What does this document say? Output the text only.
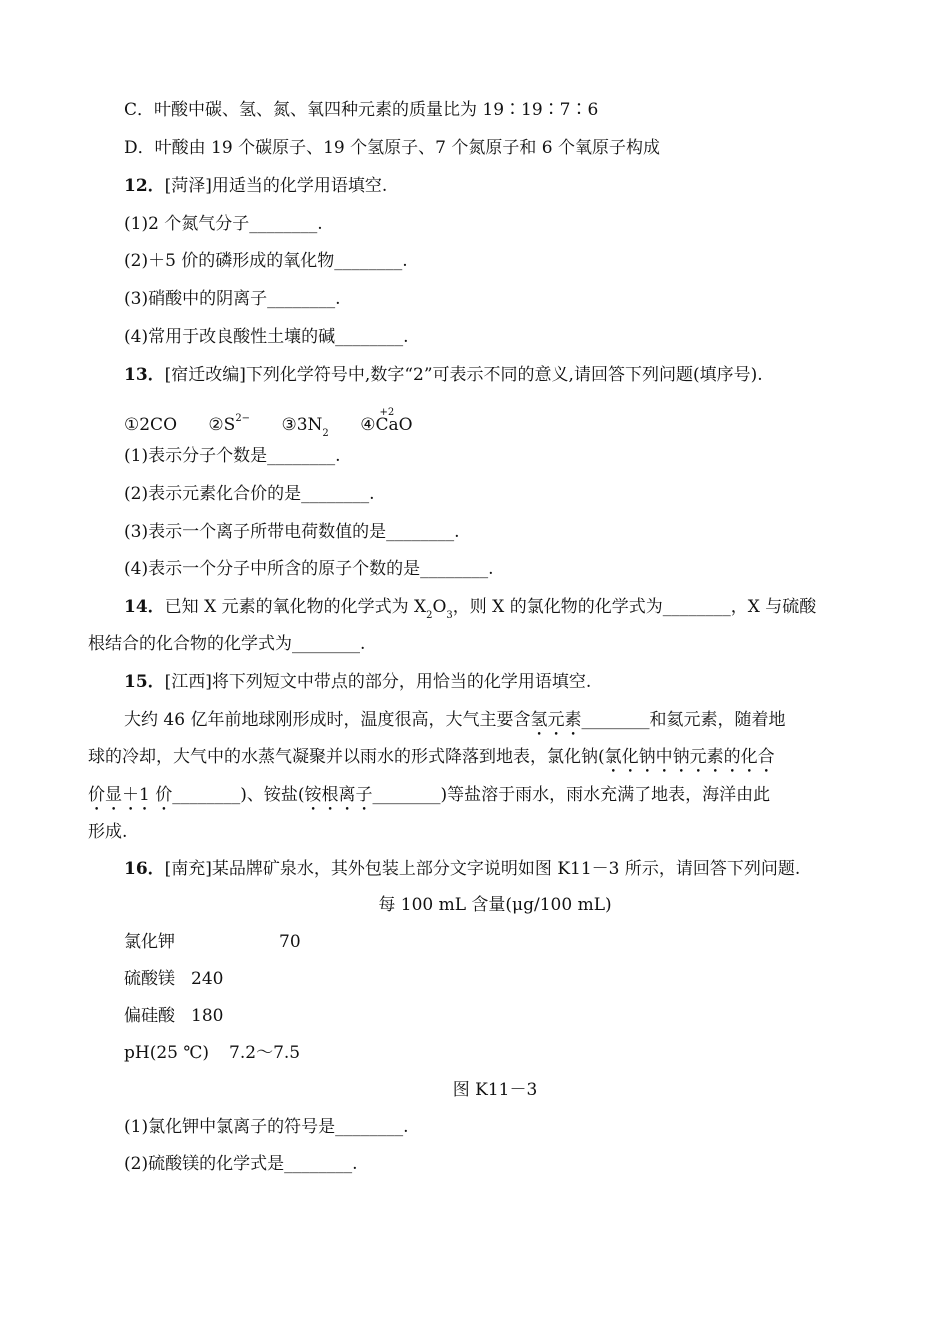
C．叶酸中碳、氢、氮、氧四种元素的质量比为 19∶19∶7∶6
D．叶酸由 19 个碳原子、19 个氢原子、7 个氮原子和 6 个氧原子构成
12．[菏泽]用适当的化学用语填空.
(1)2 个氮气分子________.
(2)＋5 价的磷形成的氧化物________.
(3)硝酸中的阴离子________.
(4)常用于改良酸性土壤的碱________.
13．[宿迁改编]下列化学符号中,数字“2”可表示不同的意义,请回答下列问题(填序号).
①2CO $②S^{2-}$ $③3N_2$ ④
+2
CaO
(1)表示分子个数是________.
(2)表示元素化合价的是________.
(3)表示一个离子所带电荷数值的是________.
(4)表示一个分子中所含的原子个数的是________.
14．已知 X 元素的氧化物的化学式为 $X_2O_3$，则 X 的氯化物的化学式为________，X 与硫酸
根结合的化合物的化学式为________.
15．[江西]将下列短文中带点的部分，用恰当的化学用语填空.
大约 46 亿年前地球刚形成时，温度很高，大气主要含氢元素________和氦元素，随着地
球的冷却，大气中的水蒸气凝聚并以雨水的形式降落到地表，氯化钠(氯化钠中钠元素的化合
价显＋1 价________)、铵盐(铵根离子________)等盐溶于雨水，雨水充满了地表，海洋由此
形成.
16．[南充]某品牌矿泉水，其外包装上部分文字说明如图 K11－3 所示，请回答下列问题.
每 100 mL 含量(μg/100 mL)
氯化钾	70
硫酸镁 240
偏硅酸 180
pH(25 ℃) 7.2～7.5
图 K11－3
(1)氯化钾中氯离子的符号是________.
(2)硫酸镁的化学式是________.
